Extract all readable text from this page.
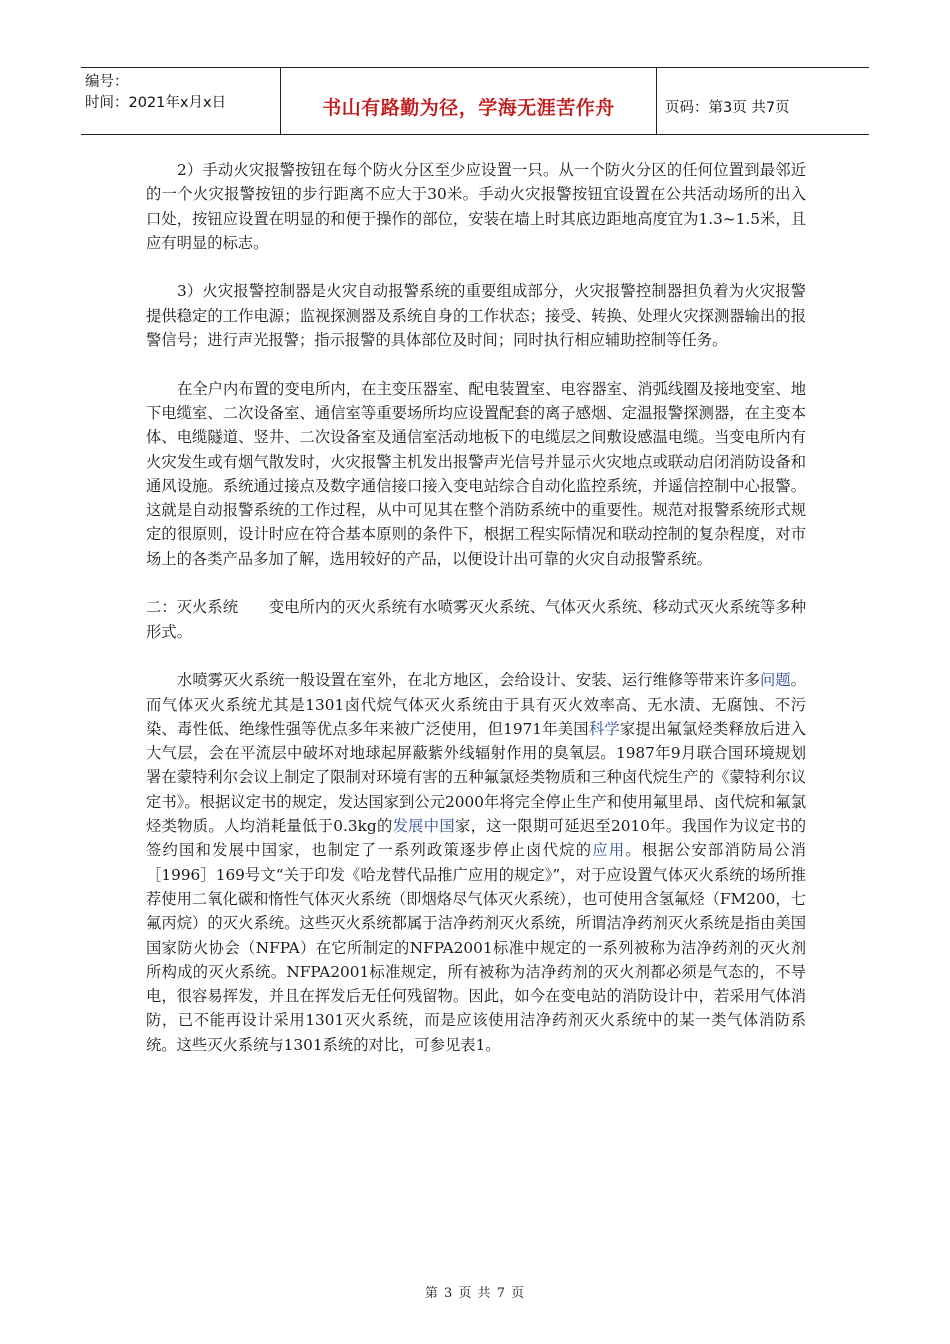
编号：
时间：2021年x月x日	书山有路勤为径，学海无涯苦作舟	页码：第3页 共7页

2）手动火灾报警按钮在每个防火分区至少应设置一只。从一个防火分区的任何位置到最邻近的一个火灾报警按钮的步行距离不应大于30米。手动火灾报警按钮宜设置在公共活动场所的出入口处，按钮应设置在明显的和便于操作的部位，安装在墙上时其底边距地高度宜为1.3~1.5米，且应有明显的标志。

3）火灾报警控制器是火灾自动报警系统的重要组成部分，火灾报警控制器担负着为火灾报警提供稳定的工作电源；监视探测器及系统自身的工作状态；接受、转换、处理火灾探测器输出的报警信号；进行声光报警；指示报警的具体部位及时间；同时执行相应辅助控制等任务。

在全户内布置的变电所内，在主变压器室、配电装置室、电容器室、消弧线圈及接地变室、地下电缆室、二次设备室、通信室等重要场所均应设置配套的离子感烟、定温报警探测器，在主变本体、电缆隧道、竖井、二次设备室及通信室活动地板下的电缆层之间敷设感温电缆。当变电所内有火灾发生或有烟气散发时，火灾报警主机发出报警声光信号并显示火灾地点或联动启闭消防设备和通风设施。系统通过接点及数字通信接口接入变电站综合自动化监控系统，并遥信控制中心报警。这就是自动报警系统的工作过程，从中可见其在整个消防系统中的重要性。规范对报警系统形式规定的很原则，设计时应在符合基本原则的条件下，根据工程实际情况和联动控制的复杂程度，对市场上的各类产品多加了解，选用较好的产品，以便设计出可靠的火灾自动报警系统。

二：灭火系统　　变电所内的灭火系统有水喷雾灭火系统、气体灭火系统、移动式灭火系统等多种形式。

水喷雾灭火系统一般设置在室外，在北方地区，会给设计、安装、运行维修等带来许多问题。而气体灭火系统尤其是1301卤代烷气体灭火系统由于具有灭火效率高、无水渍、无腐蚀、不污染、毒性低、绝缘性强等优点多年来被广泛使用，但1971年美国科学家提出氟氯烃类释放后进入大气层，会在平流层中破坏对地球起屏蔽紫外线辐射作用的臭氧层。1987年9月联合国环境规划署在蒙特利尔会议上制定了限制对环境有害的五种氟氯烃类物质和三种卤代烷生产的《蒙特利尔议定书》。根据议定书的规定，发达国家到公元2000年将完全停止生产和使用氟里昂、卤代烷和氟氯烃类物质。人均消耗量低于0.3kg的发展中国家，这一限期可延迟至2010年。我国作为议定书的签约国和发展中国家，也制定了一系列政策逐步停止卤代烷的应用。根据公安部消防局公消［1996］169号文“关于印发《哈龙替代品推广应用的规定》”，对于应设置气体灭火系统的场所推荐使用二氧化碳和惰性气体灭火系统（即烟烙尽气体灭火系统），也可使用含氢氟烃（FM200，七氟丙烷）的灭火系统。这些灭火系统都属于洁净药剂灭火系统，所谓洁净药剂灭火系统是指由美国国家防火协会（NFPA）在它所制定的NFPA2001标准中规定的一系列被称为洁净药剂的灭火剂所构成的灭火系统。NFPA2001标准规定，所有被称为洁净药剂的灭火剂都必须是气态的，不导电，很容易挥发，并且在挥发后无任何残留物。因此，如今在变电站的消防设计中，若采用气体消防，已不能再设计采用1301灭火系统，而是应该使用洁净药剂灭火系统中的某一类气体消防系统。这些灭火系统与1301系统的对比，可参见表1。

第 3 页 共 7 页
